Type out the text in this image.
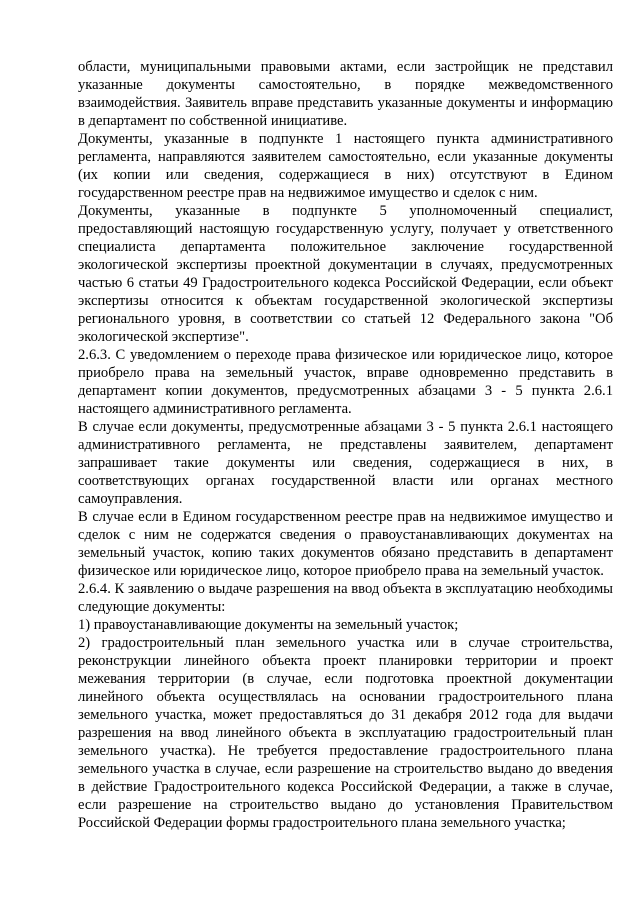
области, муниципальными правовыми актами, если застройщик не представил указанные документы самостоятельно, в порядке межведомственного взаимодействия. Заявитель вправе представить указанные документы и информацию в департамент по собственной инициативе.

Документы, указанные в подпункте 1 настоящего пункта административного регламента, направляются заявителем самостоятельно, если указанные документы (их копии или сведения, содержащиеся в них) отсутствуют в Едином государственном реестре прав на недвижимое имущество и сделок с ним.

Документы, указанные в подпункте 5 уполномоченный специалист, предоставляющий настоящую государственную услугу, получает у ответственного специалиста департамента положительное заключение государственной экологической экспертизы проектной документации в случаях, предусмотренных частью 6 статьи 49 Градостроительного кодекса Российской Федерации, если объект экспертизы относится к объектам государственной экологической экспертизы регионального уровня, в соответствии со статьей 12 Федерального закона "Об экологической экспертизе".

2.6.3. С уведомлением о переходе права физическое или юридическое лицо, которое приобрело права на земельный участок, вправе одновременно представить в департамент копии документов, предусмотренных абзацами 3 - 5 пункта 2.6.1 настоящего административного регламента.

В случае если документы, предусмотренные абзацами 3 - 5 пункта 2.6.1 настоящего административного регламента, не представлены заявителем, департамент запрашивает такие документы или сведения, содержащиеся в них, в соответствующих органах государственной власти или органах местного самоуправления.

В случае если в Едином государственном реестре прав на недвижимое имущество и сделок с ним не содержатся сведения о правоустанавливающих документах на земельный участок, копию таких документов обязано представить в департамент физическое или юридическое лицо, которое приобрело права на земельный участок.

2.6.4. К заявлению о выдаче разрешения на ввод объекта в эксплуатацию необходимы следующие документы:

1) правоустанавливающие документы на земельный участок;

2) градостроительный план земельного участка или в случае строительства, реконструкции линейного объекта проект планировки территории и проект межевания территории (в случае, если подготовка проектной документации линейного объекта осуществлялась на основании градостроительного плана земельного участка, может предоставляться до 31 декабря 2012 года для выдачи разрешения на ввод линейного объекта в эксплуатацию градостроительный план земельного участка). Не требуется предоставление градостроительного плана земельного участка в случае, если разрешение на строительство выдано до введения в действие Градостроительного кодекса Российской Федерации, а также в случае, если разрешение на строительство выдано до установления Правительством Российской Федерации формы градостроительного плана земельного участка;
